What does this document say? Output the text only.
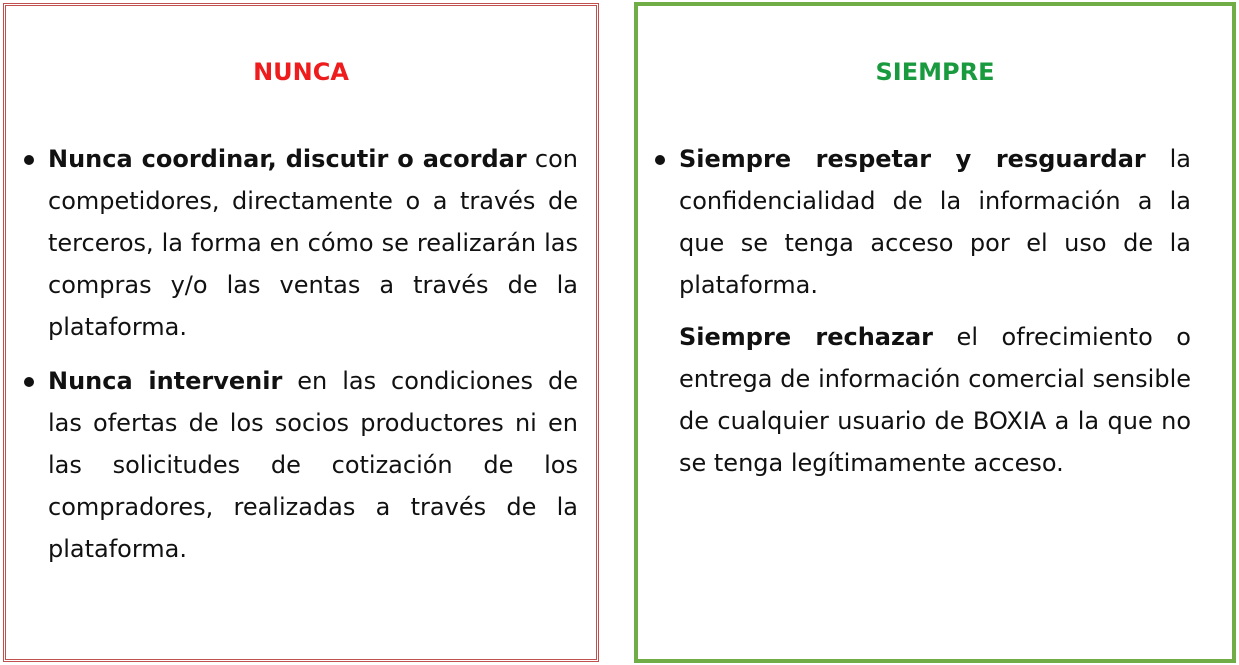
NUNCA

Nunca coordinar, discutir o acordar con competidores, directamente o a través de terceros, la forma en cómo se realizarán las compras y/o las ventas a través de la plataforma.

Nunca intervenir en las condiciones de las ofertas de los socios productores ni en las solicitudes de cotización de los compradores, realizadas a través de la plataforma.

SIEMPRE

Siempre respetar y resguardar la confidencialidad de la información a la que se tenga acceso por el uso de la plataforma.

Siempre rechazar el ofrecimiento o entrega de información comercial sensible de cualquier usuario de BOXIA a la que no se tenga legítimamente acceso.
